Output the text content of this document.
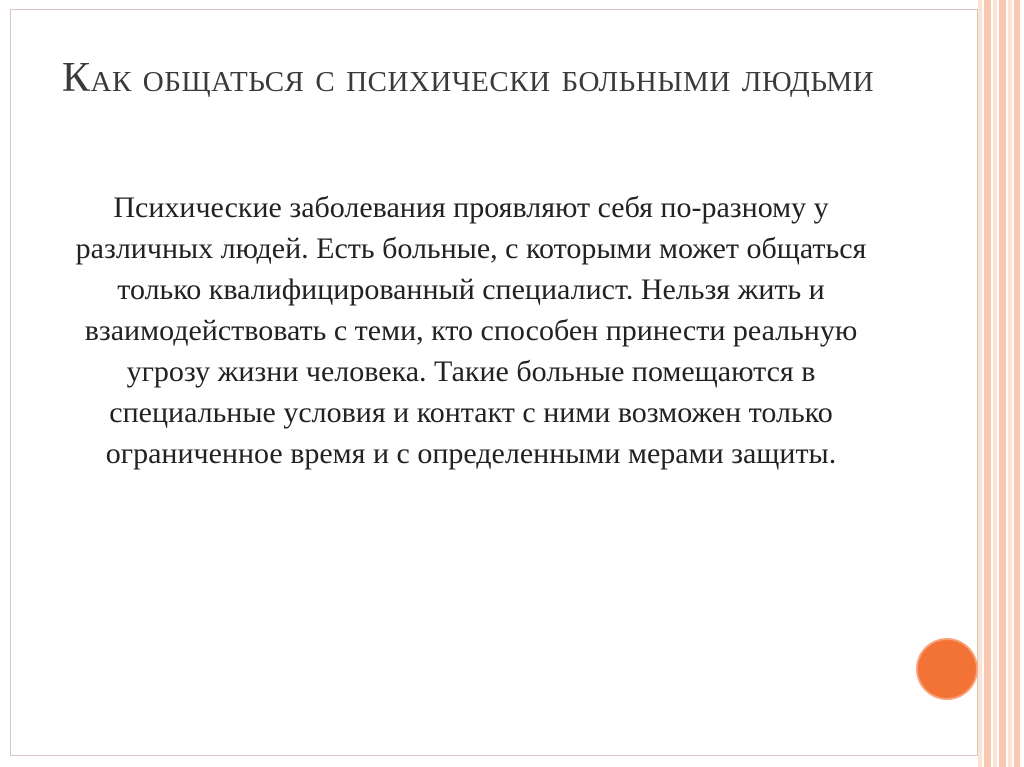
Как общаться с психически больными людьми

Психические заболевания проявляют себя по-разному у различных людей. Есть больные, с которыми может общаться только квалифицированный специалист. Нельзя жить и взаимодействовать с теми, кто способен принести реальную угрозу жизни человека. Такие больные помещаются в специальные условия и контакт с ними возможен только ограниченное время и с определенными мерами защиты.
